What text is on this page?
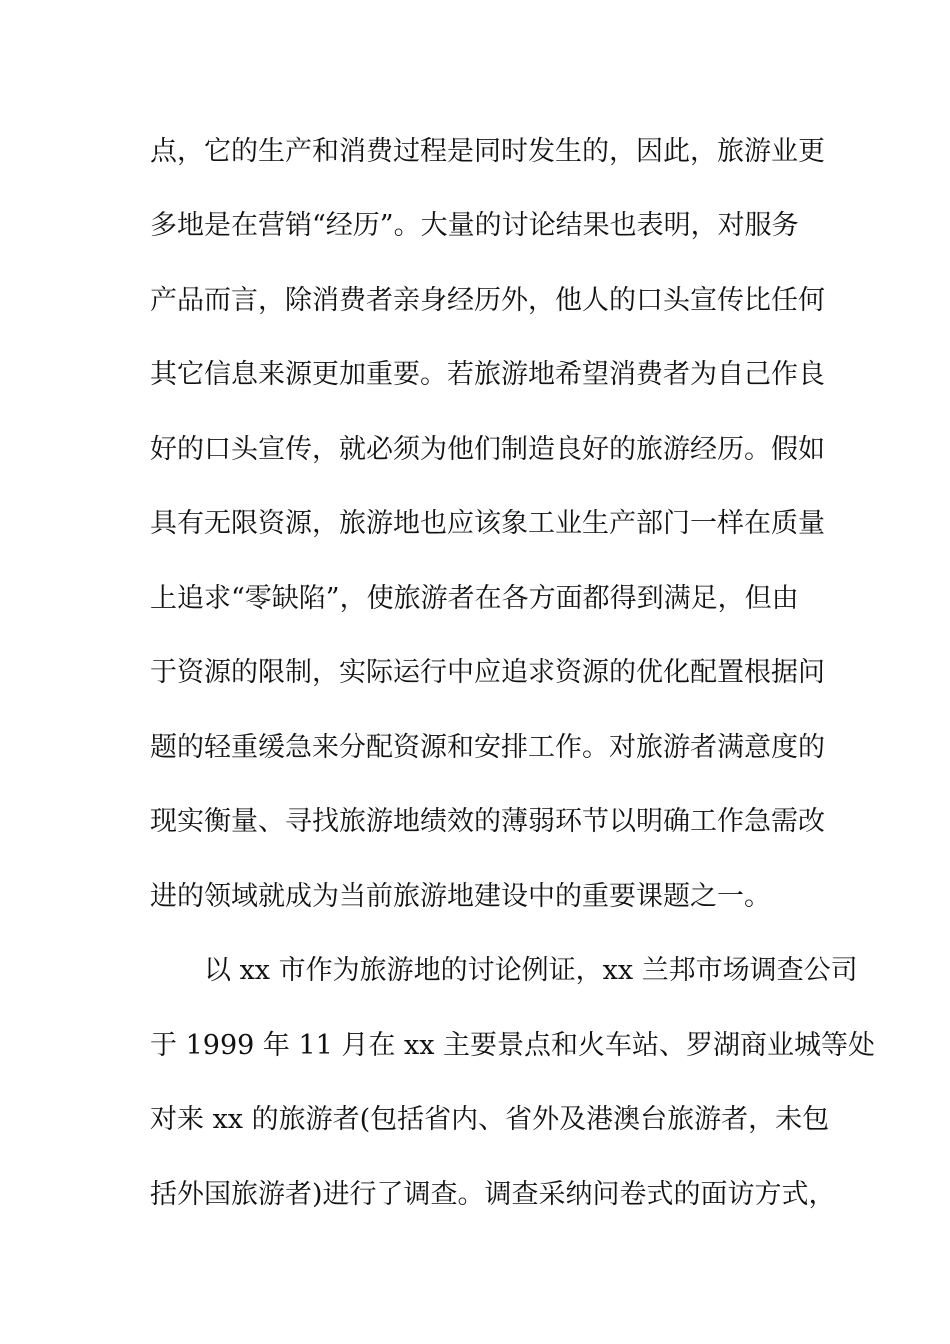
点，它的生产和消费过程是同时发生的，因此，旅游业更
多地是在营销“经历”。大量的讨论结果也表明，对服务
产品而言，除消费者亲身经历外，他人的口头宣传比任何
其它信息来源更加重要。若旅游地希望消费者为自己作良
好的口头宣传，就必须为他们制造良好的旅游经历。假如
具有无限资源，旅游地也应该象工业生产部门一样在质量
上追求“零缺陷”，使旅游者在各方面都得到满足，但由
于资源的限制，实际运行中应追求资源的优化配置根据问
题的轻重缓急来分配资源和安排工作。对旅游者满意度的
现实衡量、寻找旅游地绩效的薄弱环节以明确工作急需改
进的领域就成为当前旅游地建设中的重要课题之一。
以 xx 市作为旅游地的讨论例证，xx 兰邦市场调查公司
于 1999 年 11 月在 xx 主要景点和火车站、罗湖商业城等处
对来 xx 的旅游者(包括省内、省外及港澳台旅游者，未包
括外国旅游者)进行了调查。调查采纳问卷式的面访方式，
